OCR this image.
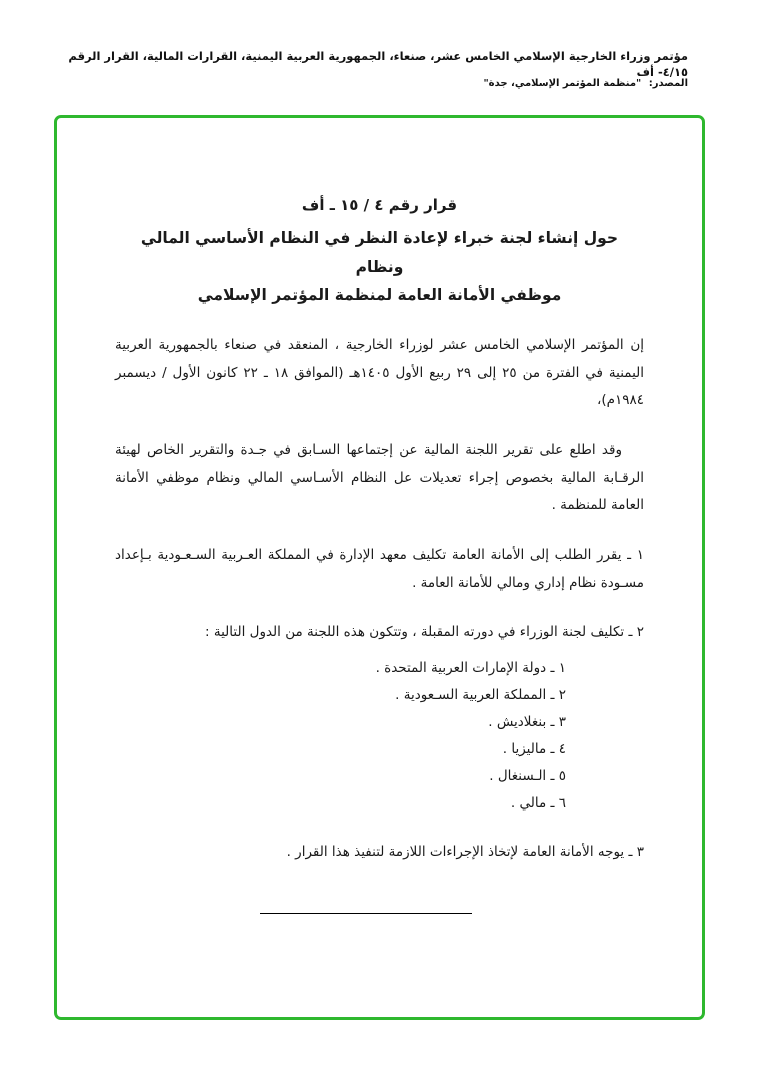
مؤتمر وزراء الخارجية الإسلامي الخامس عشر، صنعاء، الجمهورية العربية اليمنية، القرارات المالية، القرار الرقم ٤/١٥- أف
المصدر: "منظمة المؤتمر الإسلامي، جدة"
قرار رقم ٤ / ١٥ ـ أف
حول إنشاء لجنة خبراء لإعادة النظر في النظام الأساسي المالي ونظام
موظفي الأمانة العامة لمنظمة المؤتمر الإسلامي

إن المؤتمر الإسلامي الخامس عشر لوزراء الخارجية ، المنعقد في صنعاء بالجمهورية العربية اليمنية في الفترة من ٢٥ إلى ٢٩ ربيع الأول ١٤٠٥هـ (الموافق ١٨ ـ ٢٢ كانون الأول / ديسمبر ١٩٨٤م)،

وقد اطلع على تقرير اللجنة المالية عن إجتماعها السـابق في جـدة والتقرير الخاص لهيئة الرقـابة المالية بخصوص إجراء تعديلات عل النظام الأسـاسي المالي ونظام موظفي الأمانة العامة للمنظمة .

١ ـ يقرر الطلب إلى الأمانة العامة تكليف معهد الإدارة في المملكة العـربية السـعـودية بـإعداد مسـودة نظام إداري ومالي للأمانة العامة .

٢ ـ تكليف لجنة الوزراء في دورته المقبلة ، وتتكون هذه اللجنة من الدول التالية :

١ ـ دولة الإمارات العربية المتحدة .
٢ ـ المملكة العربية السـعودية .
٣ ـ بنغلاديش .
٤ ـ ماليزيا .
٥ ـ الـسنغال .
٦ ـ مالي .

٣ ـ يوجه الأمانة العامة لإتخاذ الإجراءات اللازمة لتنفيذ هذا القرار .
